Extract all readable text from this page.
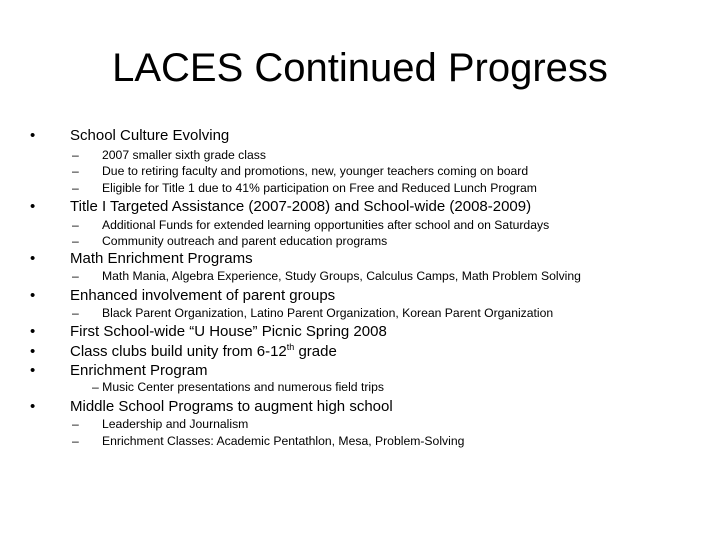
LACES Continued Progress
•	School Culture Evolving
– 2007 smaller sixth grade class
– Due to retiring faculty and promotions, new, younger teachers coming on board
– Eligible for Title 1 due to 41% participation on Free and Reduced Lunch Program
•	Title I Targeted Assistance (2007-2008) and School-wide (2008-2009)
– Additional Funds for extended learning opportunities after school and on Saturdays
– Community outreach and parent education programs
•	Math Enrichment Programs
– Math Mania, Algebra Experience, Study Groups, Calculus Camps, Math Problem Solving
•	Enhanced involvement of parent groups
– Black Parent Organization, Latino Parent Organization, Korean Parent Organization
•	First School-wide “U House” Picnic Spring 2008
•	Class clubs build unity from 6-12th grade
•	Enrichment Program
– Music Center presentations and numerous field trips
•	Middle School Programs to augment high school
– Leadership and Journalism
– Enrichment Classes: Academic Pentathlon, Mesa, Problem-Solving
